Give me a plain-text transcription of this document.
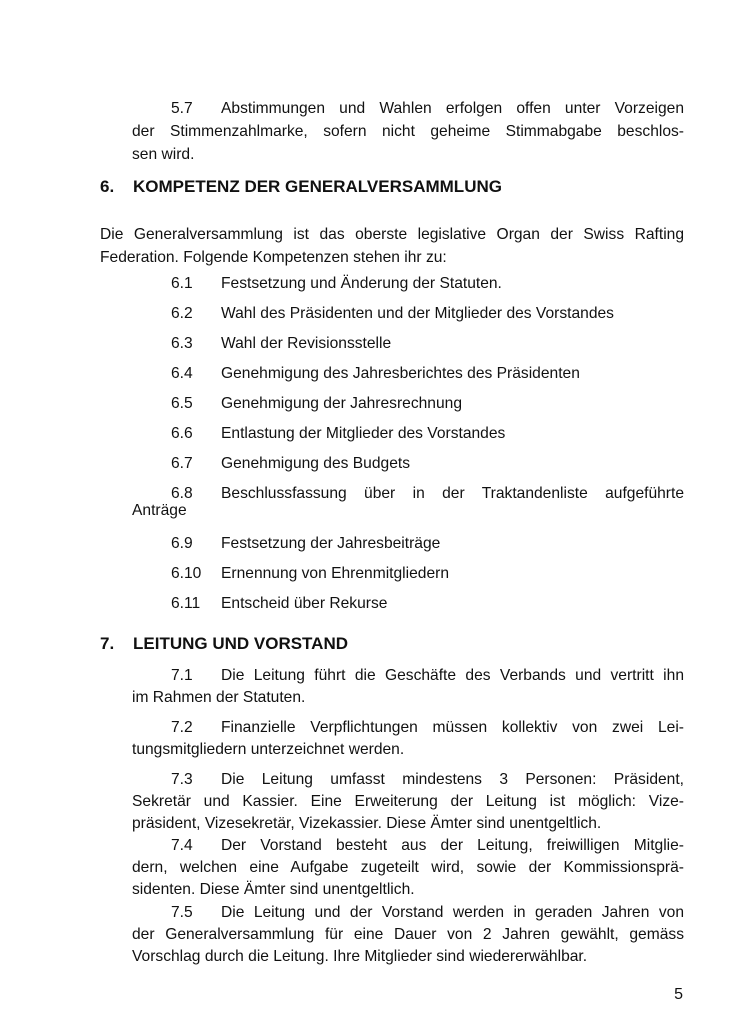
5.7	Abstimmungen und Wahlen erfolgen offen unter Vorzeigen
der Stimmenzahlmarke, sofern nicht geheime Stimmabgabe beschlos-
sen wird.
6. KOMPETENZ DER GENERALVERSAMMLUNG
Die Generalversammlung ist das oberste legislative Organ der Swiss Rafting
Federation. Folgende Kompetenzen stehen ihr zu:
6.1 Festsetzung und Änderung der Statuten.
6.2 Wahl des Präsidenten und der Mitglieder des Vorstandes
6.3 Wahl der Revisionsstelle
6.4 Genehmigung des Jahresberichtes des Präsidenten
6.5 Genehmigung der Jahresrechnung
6.6 Entlastung der Mitglieder des Vorstandes
6.7 Genehmigung des Budgets
6.8	Beschlussfassung über in der Traktandenliste aufgeführte
Anträge
6.9 Festsetzung der Jahresbeiträge
6.10 Ernennung von Ehrenmitgliedern
6.11 Entscheid über Rekurse
7. LEITUNG UND VORSTAND
7.1	Die Leitung führt die Geschäfte des Verbands und vertritt ihn
im Rahmen der Statuten.
7.2	Finanzielle Verpflichtungen müssen kollektiv von zwei Lei-
tungsmitgliedern unterzeichnet werden.
7.3	Die Leitung umfasst mindestens 3 Personen: Präsident,
Sekretär und Kassier. Eine Erweiterung der Leitung ist möglich: Vize-
präsident, Vizesekretär, Vizekassier. Diese Ämter sind unentgeltlich.
7.4	Der Vorstand besteht aus der Leitung, freiwilligen Mitglie-
dern, welchen eine Aufgabe zugeteilt wird, sowie der Kommissionsprä-
sidenten. Diese Ämter sind unentgeltlich.
7.5	Die Leitung und der Vorstand werden in geraden Jahren von
der Generalversammlung für eine Dauer von 2 Jahren gewählt, gemäss
Vorschlag durch die Leitung. Ihre Mitglieder sind wiedererwählbar.
5
